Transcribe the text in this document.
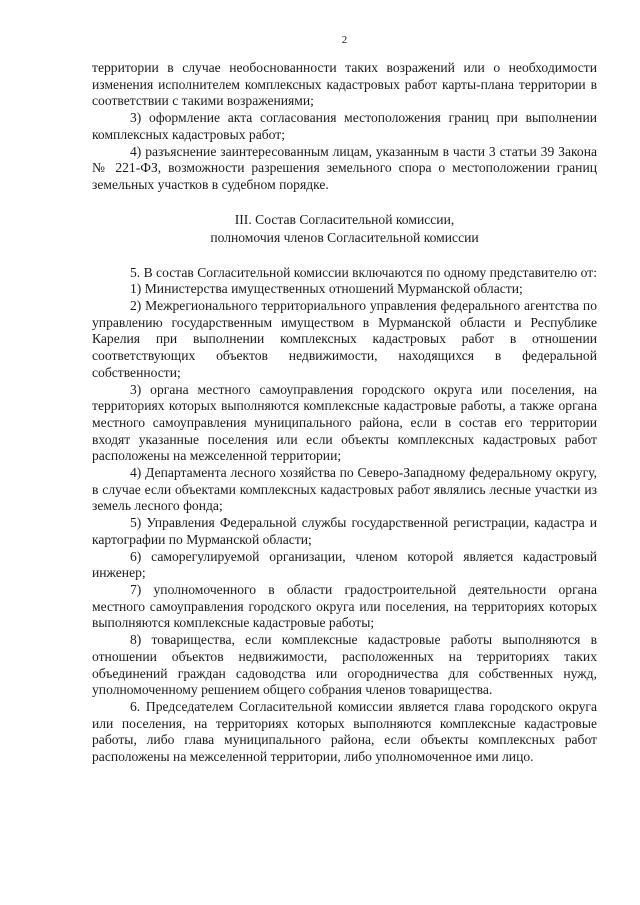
2

территории в случае необоснованности таких возражений или о необходимости изменения исполнителем комплексных кадастровых работ карты-плана территории в соответствии с такими возражениями;

3) оформление акта согласования местоположения границ при выполнении комплексных кадастровых работ;

4) разъяснение заинтересованным лицам, указанным в части 3 статьи 39 Закона № 221-ФЗ, возможности разрешения земельного спора о местоположении границ земельных участков в судебном порядке.

III. Состав Согласительной комиссии,
полномочия членов Согласительной комиссии

5. В состав Согласительной комиссии включаются по одному представителю от:

1) Министерства имущественных отношений Мурманской области;

2) Межрегионального территориального управления федерального агентства по управлению государственным имуществом в Мурманской области и Республике Карелия при выполнении комплексных кадастровых работ в отношении соответствующих объектов недвижимости, находящихся в федеральной собственности;

3) органа местного самоуправления городского округа или поселения, на территориях которых выполняются комплексные кадастровые работы, а также органа местного самоуправления муниципального района, если в состав его территории входят указанные поселения или если объекты комплексных кадастровых работ расположены на межселенной территории;

4) Департамента лесного хозяйства по Северо-Западному федеральному округу, в случае если объектами комплексных кадастровых работ являлись лесные участки из земель лесного фонда;

5) Управления Федеральной службы государственной регистрации, кадастра и картографии по Мурманской области;

6) саморегулируемой организации, членом которой является кадастровый инженер;

7) уполномоченного в области градостроительной деятельности органа местного самоуправления городского округа или поселения, на территориях которых выполняются комплексные кадастровые работы;

8) товарищества, если комплексные кадастровые работы выполняются в отношении объектов недвижимости, расположенных на территориях таких объединений граждан садоводства или огородничества для собственных нужд, уполномоченному решением общего собрания членов товарищества.

6. Председателем Согласительной комиссии является глава городского округа или поселения, на территориях которых выполняются комплексные кадастровые работы, либо глава муниципального района, если объекты комплексных работ расположены на межселенной территории, либо уполномоченное ими лицо.
